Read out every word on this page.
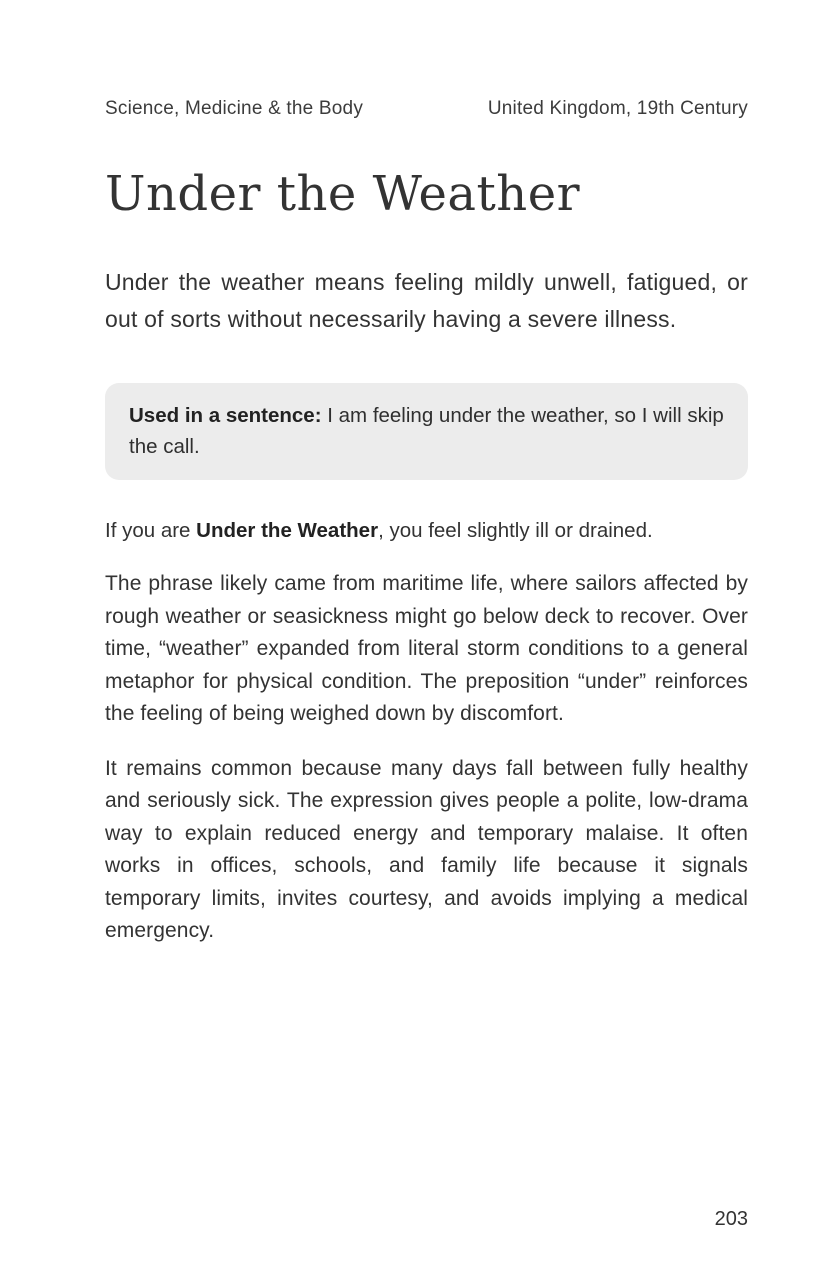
Science, Medicine & the Body	United Kingdom, 19th Century
Under the Weather

Under the weather means feeling mildly unwell, fatigued, or out of sorts without necessarily having a severe illness.

Used in a sentence: I am feeling under the weather, so I will skip the call.

If you are Under the Weather, you feel slightly ill or drained.

The phrase likely came from maritime life, where sailors affected by rough weather or seasickness might go below deck to recover. Over time, “weather” expanded from literal storm conditions to a general metaphor for physical condition. The preposition “under” reinforces the feeling of being weighed down by discomfort.

It remains common because many days fall between fully healthy and seriously sick. The expression gives people a polite, low-drama way to explain reduced energy and temporary malaise. It often works in offices, schools, and family life because it signals temporary limits, invites courtesy, and avoids implying a medical emergency.

203
